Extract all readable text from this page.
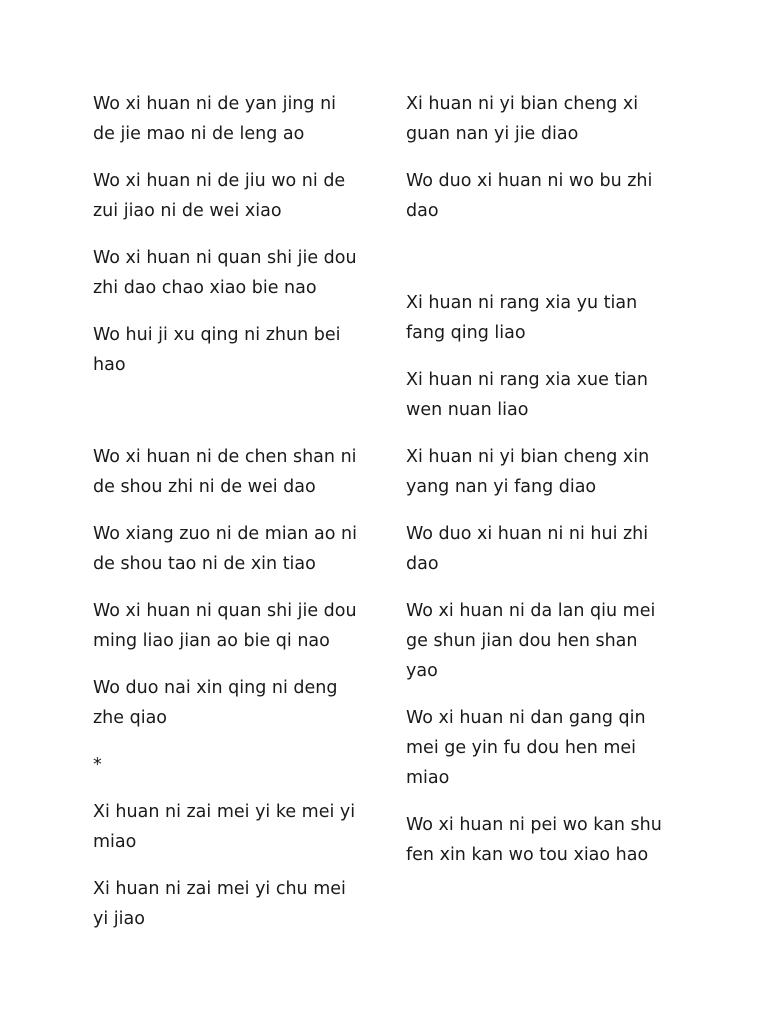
Wo xi huan ni de yan jing ni
de jie mao ni de leng ao

Wo xi huan ni de jiu wo ni de
zui jiao ni de wei xiao

Wo xi huan ni quan shi jie dou
zhi dao chao xiao bie nao

Wo hui ji xu qing ni zhun bei
hao

Wo xi huan ni de chen shan ni
de shou zhi ni de wei dao

Wo xiang zuo ni de mian ao ni
de shou tao ni de xin tiao

Wo xi huan ni quan shi jie dou
ming liao jian ao bie qi nao

Wo duo nai xin qing ni deng
zhe qiao

*

Xi huan ni zai mei yi ke mei yi
miao

Xi huan ni zai mei yi chu mei
yi jiao

Xi huan ni yi bian cheng xi
guan nan yi jie diao

Wo duo xi huan ni wo bu zhi
dao

Xi huan ni rang xia yu tian
fang qing liao

Xi huan ni rang xia xue tian
wen nuan liao

Xi huan ni yi bian cheng xin
yang nan yi fang diao

Wo duo xi huan ni ni hui zhi
dao

Wo xi huan ni da lan qiu mei
ge shun jian dou hen shan
yao

Wo xi huan ni dan gang qin
mei ge yin fu dou hen mei
miao

Wo xi huan ni pei wo kan shu
fen xin kan wo tou xiao hao
